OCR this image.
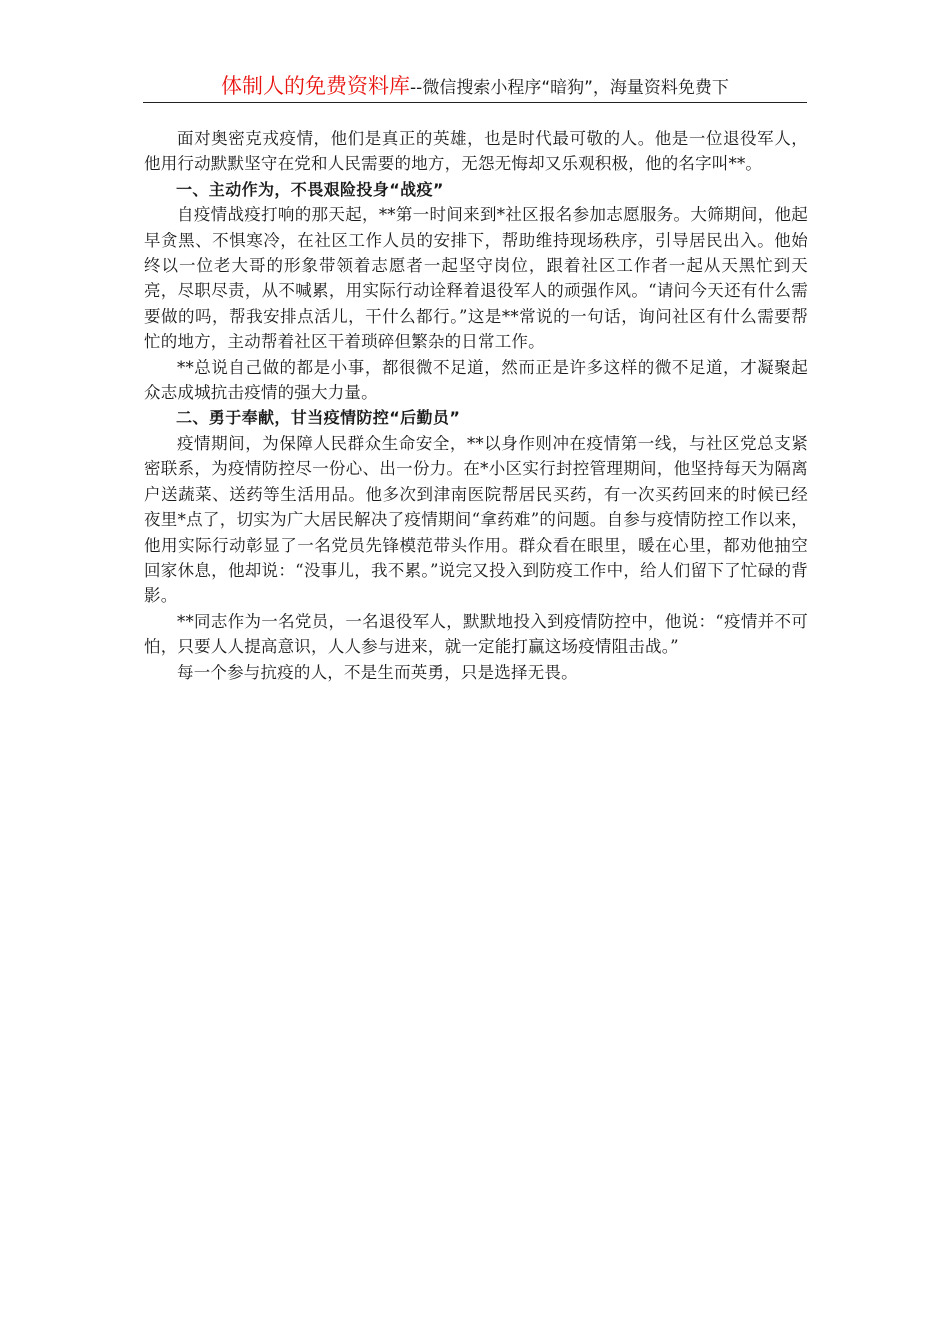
体制人的免费资料库--微信搜索小程序“暗狗”，海量资料免费下

面对奥密克戎疫情，他们是真正的英雄，也是时代最可敬的人。他是一位退役军人，他用行动默默坚守在党和人民需要的地方，无怨无悔却又乐观积极，他的名字叫**。

一、主动作为，不畏艰险投身“战疫”

自疫情战疫打响的那天起，**第一时间来到*社区报名参加志愿服务。大筛期间，他起早贪黑、不惧寒冷，在社区工作人员的安排下，帮助维持现场秩序，引导居民出入。他始终以一位老大哥的形象带领着志愿者一起坚守岗位，跟着社区工作者一起从天黑忙到天亮，尽职尽责，从不喊累，用实际行动诠释着退役军人的顽强作风。“请问今天还有什么需要做的吗，帮我安排点活儿，干什么都行。”这是**常说的一句话，询问社区有什么需要帮忙的地方，主动帮着社区干着琐碎但繁杂的日常工作。

**总说自己做的都是小事，都很微不足道，然而正是许多这样的微不足道，才凝聚起众志成城抗击疫情的强大力量。

二、勇于奉献，甘当疫情防控“后勤员”

疫情期间，为保障人民群众生命安全，**以身作则冲在疫情第一线，与社区党总支紧密联系，为疫情防控尽一份心、出一份力。在*小区实行封控管理期间，他坚持每天为隔离户送蔬菜、送药等生活用品。他多次到津南医院帮居民买药，有一次买药回来的时候已经夜里*点了，切实为广大居民解决了疫情期间“拿药难”的问题。自参与疫情防控工作以来，他用实际行动彰显了一名党员先锋模范带头作用。群众看在眼里，暖在心里，都劝他抽空回家休息，他却说：“没事儿，我不累。”说完又投入到防疫工作中，给人们留下了忙碌的背影。

**同志作为一名党员，一名退役军人，默默地投入到疫情防控中，他说：“疫情并不可怕，只要人人提高意识，人人参与进来，就一定能打赢这场疫情阻击战。”

每一个参与抗疫的人，不是生而英勇，只是选择无畏。
